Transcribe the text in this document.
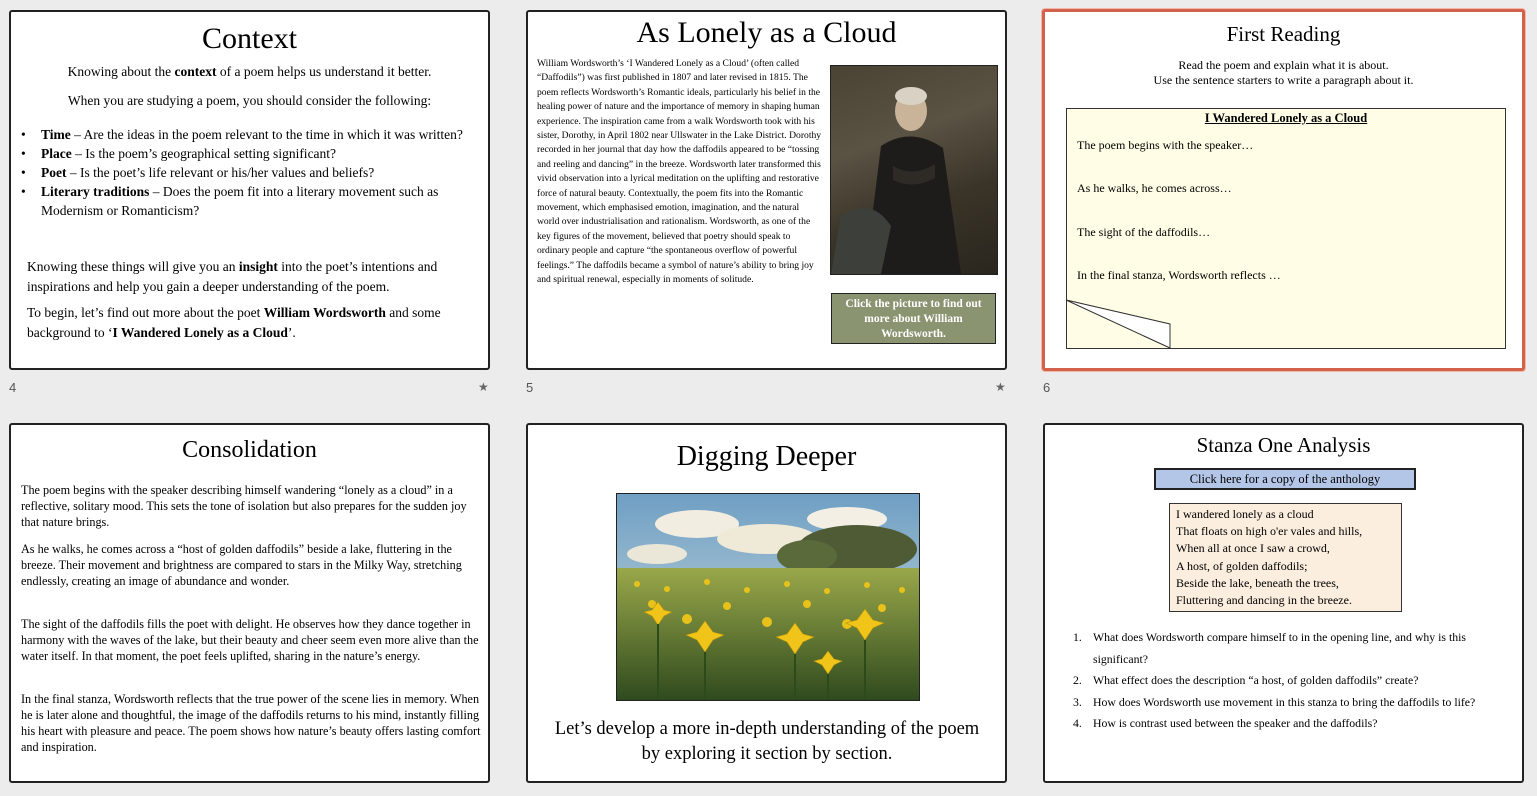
Context

Knowing about the context of a poem helps us understand it better.

When you are studying a poem, you should consider the following:

• Time – Are the ideas in the poem relevant to the time in which it was written?
• Place – Is the poem’s geographical setting significant?
• Poet – Is the poet’s life relevant or his/her values and beliefs?
• Literary traditions – Does the poem fit into a literary movement such as Modernism or Romanticism?

Knowing these things will give you an insight into the poet’s intentions and inspirations and help you gain a deeper understanding of the poem.

To begin, let’s find out more about the poet William Wordsworth and some background to ‘I Wandered Lonely as a Cloud’.

4	★
As Lonely as a Cloud

William Wordsworth’s ‘I Wandered Lonely as a Cloud’ (often called “Daffodils”) was first published in 1807 and later revised in 1815. The poem reflects Wordsworth’s Romantic ideals, particularly his belief in the healing power of nature and the importance of memory in shaping human experience. The inspiration came from a walk Wordsworth took with his sister, Dorothy, in April 1802 near Ullswater in the Lake District. Dorothy recorded in her journal that day how the daffodils appeared to be “tossing and reeling and dancing” in the breeze. Wordsworth later transformed this vivid observation into a lyrical meditation on the uplifting and restorative force of natural beauty. Contextually, the poem fits into the Romantic movement, which emphasised emotion, imagination, and the natural world over industrialisation and rationalism. Wordsworth, as one of the key figures of the movement, believed that poetry should speak to ordinary people and capture “the spontaneous overflow of powerful feelings.” The daffodils became a symbol of nature’s ability to bring joy and spiritual renewal, especially in moments of solitude.

Click the picture to find out more about William Wordsworth.
5	★
First Reading

Read the poem and explain what it is about.

Use the sentence starters to write a paragraph about it.

I Wandered Lonely as a Cloud
The poem begins with the speaker…
As he walks, he comes across…
The sight of the daffodils…
In the final stanza, Wordsworth reflects …
6
Consolidation

The poem begins with the speaker describing himself wandering “lonely as a cloud” in a reflective, solitary mood. This sets the tone of isolation but also prepares for the sudden joy that nature brings.

As he walks, he comes across a “host of golden daffodils” beside a lake, fluttering in the breeze. Their movement and brightness are compared to stars in the Milky Way, stretching endlessly, creating an image of abundance and wonder.

The sight of the daffodils fills the poet with delight. He observes how they dance together in harmony with the waves of the lake, but their beauty and cheer seem even more alive than the water itself. In that moment, the poet feels uplifted, sharing in the nature’s energy.

In the final stanza, Wordsworth reflects that the true power of the scene lies in memory. When he is later alone and thoughtful, the image of the daffodils returns to his mind, instantly filling his heart with pleasure and peace. The poem shows how nature’s beauty offers lasting comfort and inspiration.

Digging Deeper

Let’s develop a more in-depth understanding of the poem by exploring it section by section.

Stanza One Analysis
Click here for a copy of the anthology
I wandered lonely as a cloud
That floats on high o'er vales and hills,
When all at once I saw a crowd,
A host, of golden daffodils;
Beside the lake, beneath the trees,
Fluttering and dancing in the breeze.
1. What does Wordsworth compare himself to in the opening line, and why is this significant?
2. What effect does the description “a host, of golden daffodils” create?
3. How does Wordsworth use movement in this stanza to bring the daffodils to life?
4. How is contrast used between the speaker and the daffodils?
